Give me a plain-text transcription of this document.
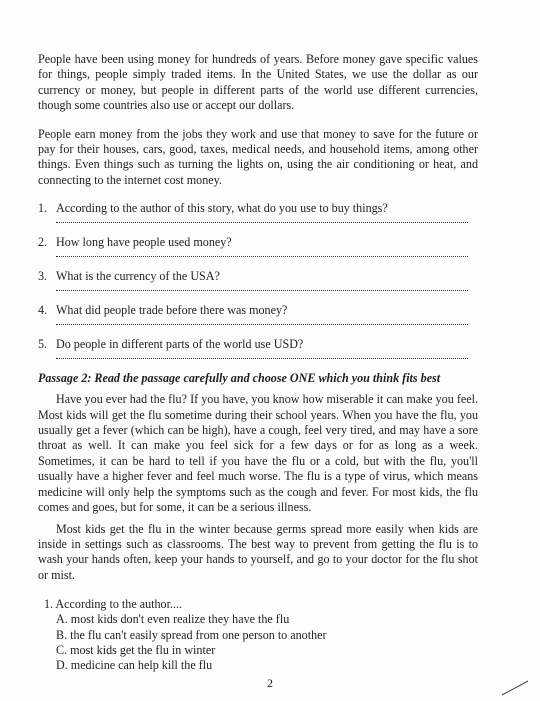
People have been using money for hundreds of years. Before money gave specific values for things, people simply traded items. In the United States, we use the dollar as our currency or money, but people in different parts of the world use different currencies, though some countries also use or accept our dollars.

People earn money from the jobs they work and use that money to save for the future or pay for their houses, cars, good, taxes, medical needs, and household items, among other things. Even things such as turning the lights on, using the air conditioning or heat, and connecting to the internet cost money.

1. According to the author of this story, what do you use to buy things?
2. How long have people used money?
3. What is the currency of the USA?
4. What did people trade before there was money?
5. Do people in different parts of the world use USD?
Passage 2: Read the passage carefully and choose ONE which you think fits best

Have you ever had the flu? If you have, you know how miserable it can make you feel. Most kids will get the flu sometime during their school years. When you have the flu, you usually get a fever (which can be high), have a cough, feel very tired, and may have a sore throat as well. It can make you feel sick for a few days or for as long as a week. Sometimes, it can be hard to tell if you have the flu or a cold, but with the flu, you'll usually have a higher fever and feel much worse. The flu is a type of virus, which means medicine will only help the symptoms such as the cough and fever. For most kids, the flu comes and goes, but for some, it can be a serious illness.

Most kids get the flu in the winter because germs spread more easily when kids are inside in settings such as classrooms. The best way to prevent from getting the flu is to wash your hands often, keep your hands to yourself, and go to your doctor for the flu shot or mist.

1. According to the author....
A. most kids don't even realize they have the flu
B. the flu can't easily spread from one person to another
C. most kids get the flu in winter
D. medicine can help kill the flu
2
